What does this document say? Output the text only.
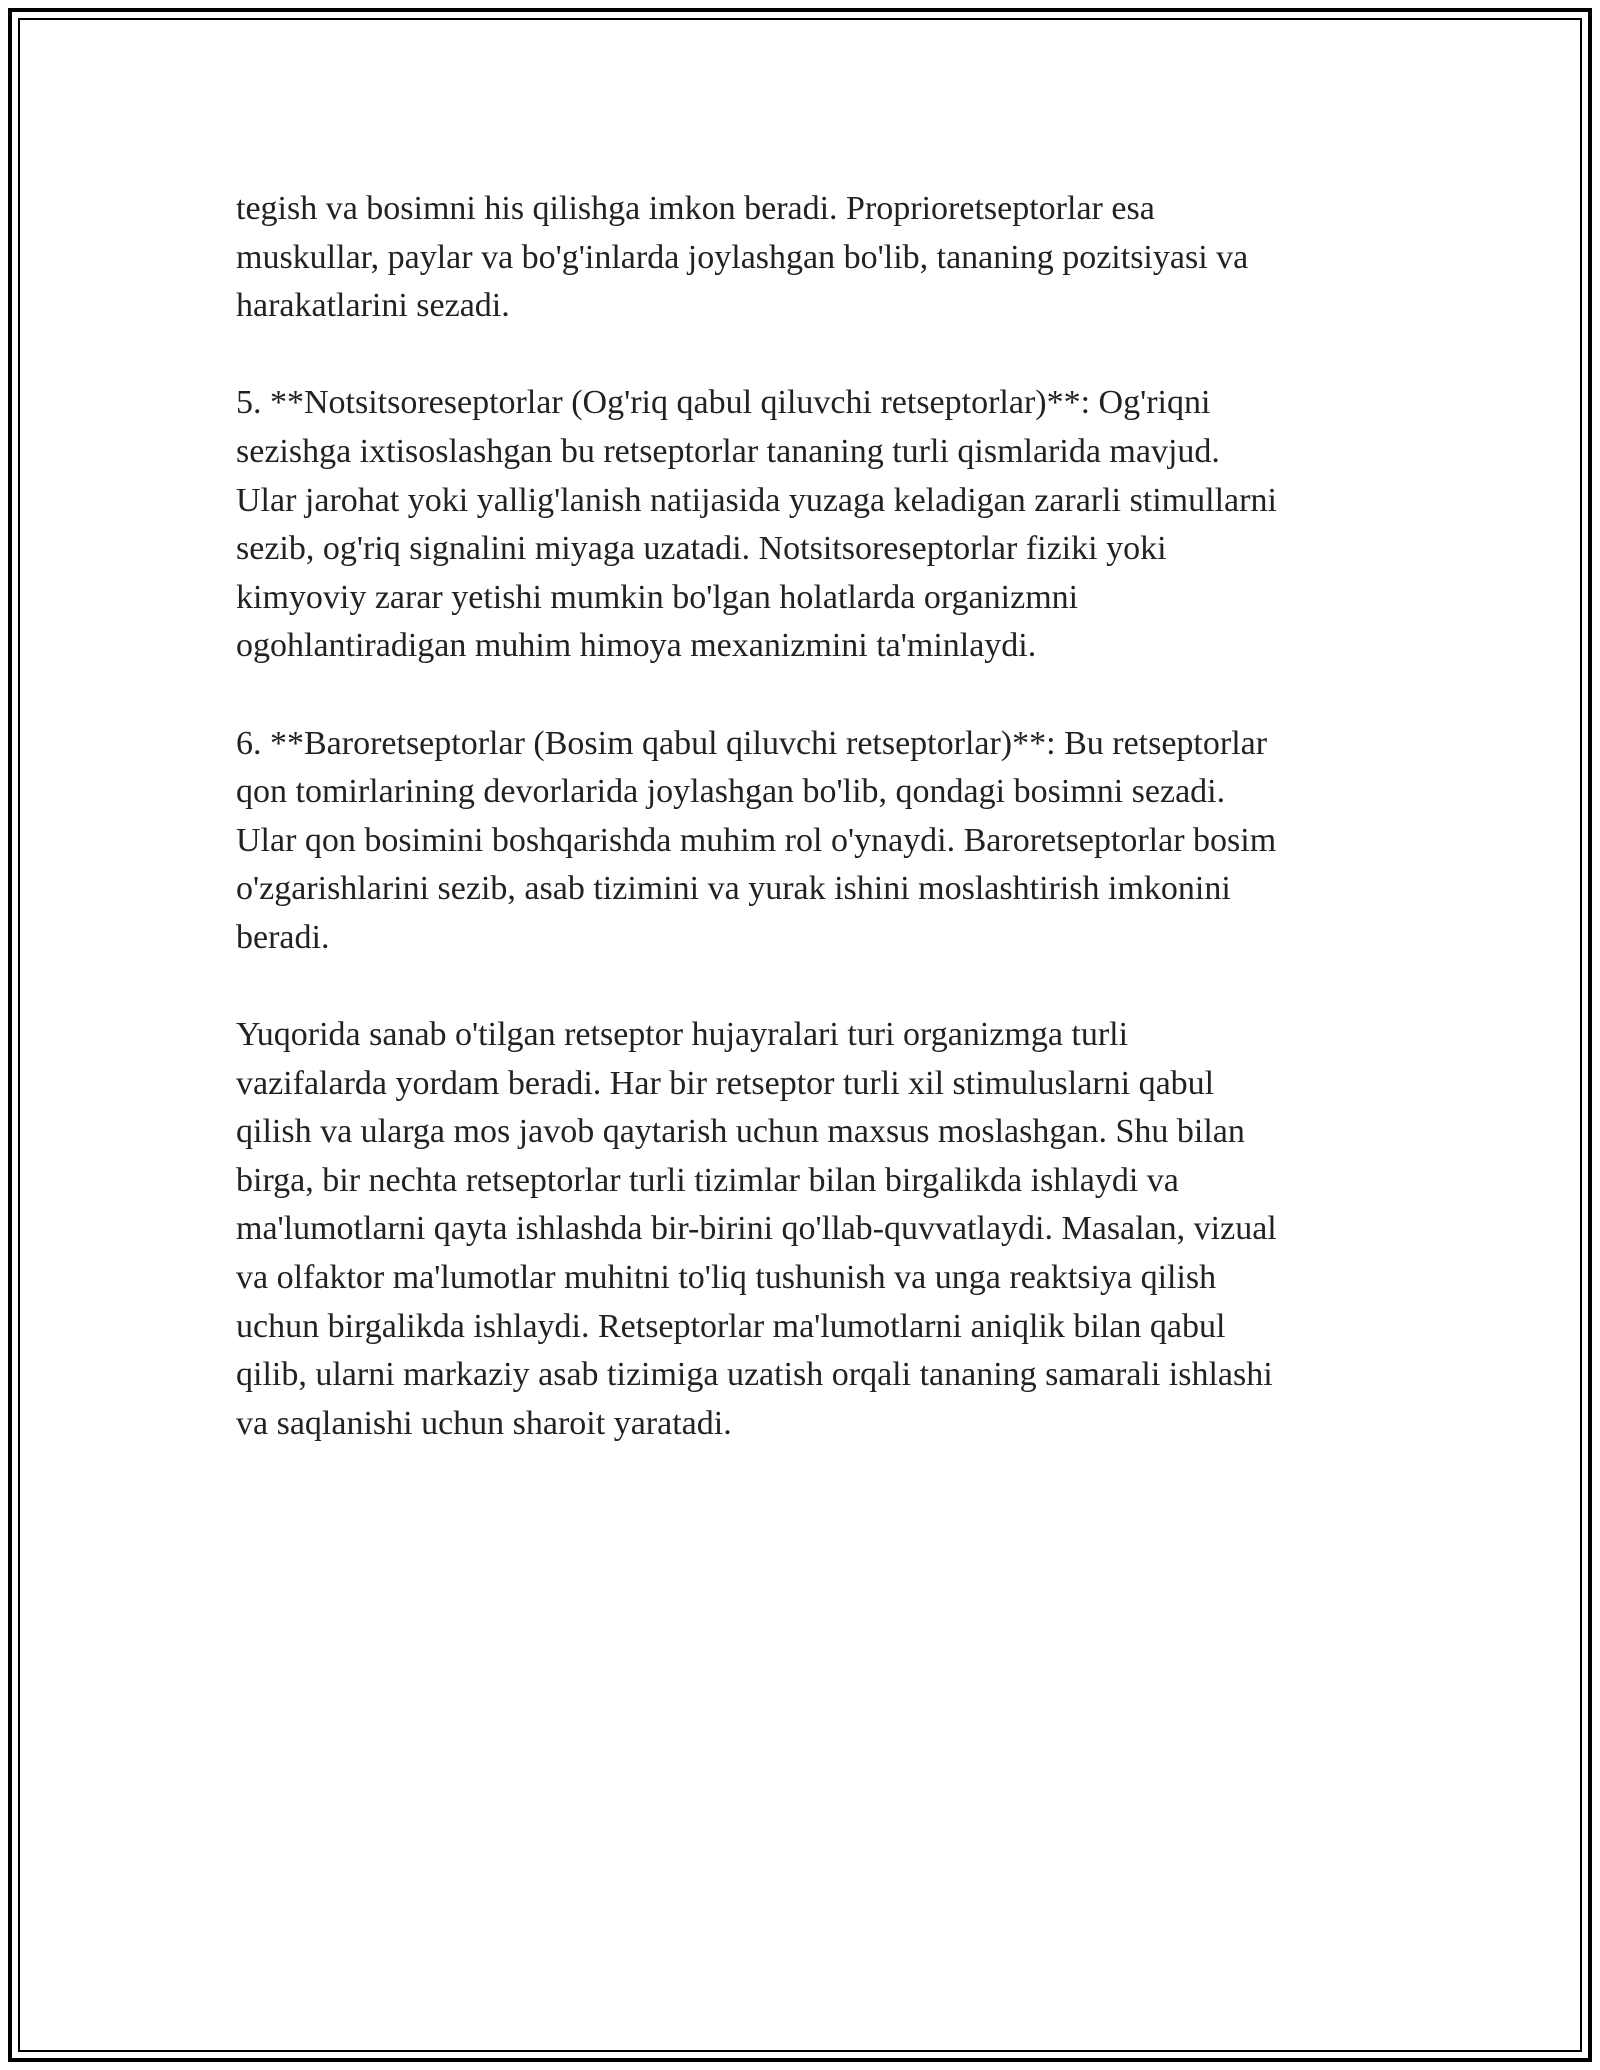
tegish va bosimni his qilishga imkon beradi. Proprioretseptorlar esa
muskullar, paylar va bo'g'inlarda joylashgan bo'lib, tananing pozitsiyasi va
harakatlarini sezadi.

5. **Notsitsoreseptorlar (Og'riq qabul qiluvchi retseptorlar)**: Og'riqni
sezishga ixtisoslashgan bu retseptorlar tananing turli qismlarida mavjud.
Ular jarohat yoki yallig'lanish natijasida yuzaga keladigan zararli stimullarni
sezib, og'riq signalini miyaga uzatadi. Notsitsoreseptorlar fiziki yoki
kimyoviy zarar yetishi mumkin bo'lgan holatlarda organizmni
ogohlantiradigan muhim himoya mexanizmini ta'minlaydi.

6. **Baroretseptorlar (Bosim qabul qiluvchi retseptorlar)**: Bu retseptorlar
qon tomirlarining devorlarida joylashgan bo'lib, qondagi bosimni sezadi.
Ular qon bosimini boshqarishda muhim rol o'ynaydi. Baroretseptorlar bosim
o'zgarishlarini sezib, asab tizimini va yurak ishini moslashtirish imkonini
beradi.

Yuqorida sanab o'tilgan retseptor hujayralari turi organizmga turli
vazifalarda yordam beradi. Har bir retseptor turli xil stimuluslarni qabul
qilish va ularga mos javob qaytarish uchun maxsus moslashgan. Shu bilan
birga, bir nechta retseptorlar turli tizimlar bilan birgalikda ishlaydi va
ma'lumotlarni qayta ishlashda bir-birini qo'llab-quvvatlaydi. Masalan, vizual
va olfaktor ma'lumotlar muhitni to'liq tushunish va unga reaktsiya qilish
uchun birgalikda ishlaydi. Retseptorlar ma'lumotlarni aniqlik bilan qabul
qilib, ularni markaziy asab tizimiga uzatish orqali tananing samarali ishlashi
va saqlanishi uchun sharoit yaratadi.
